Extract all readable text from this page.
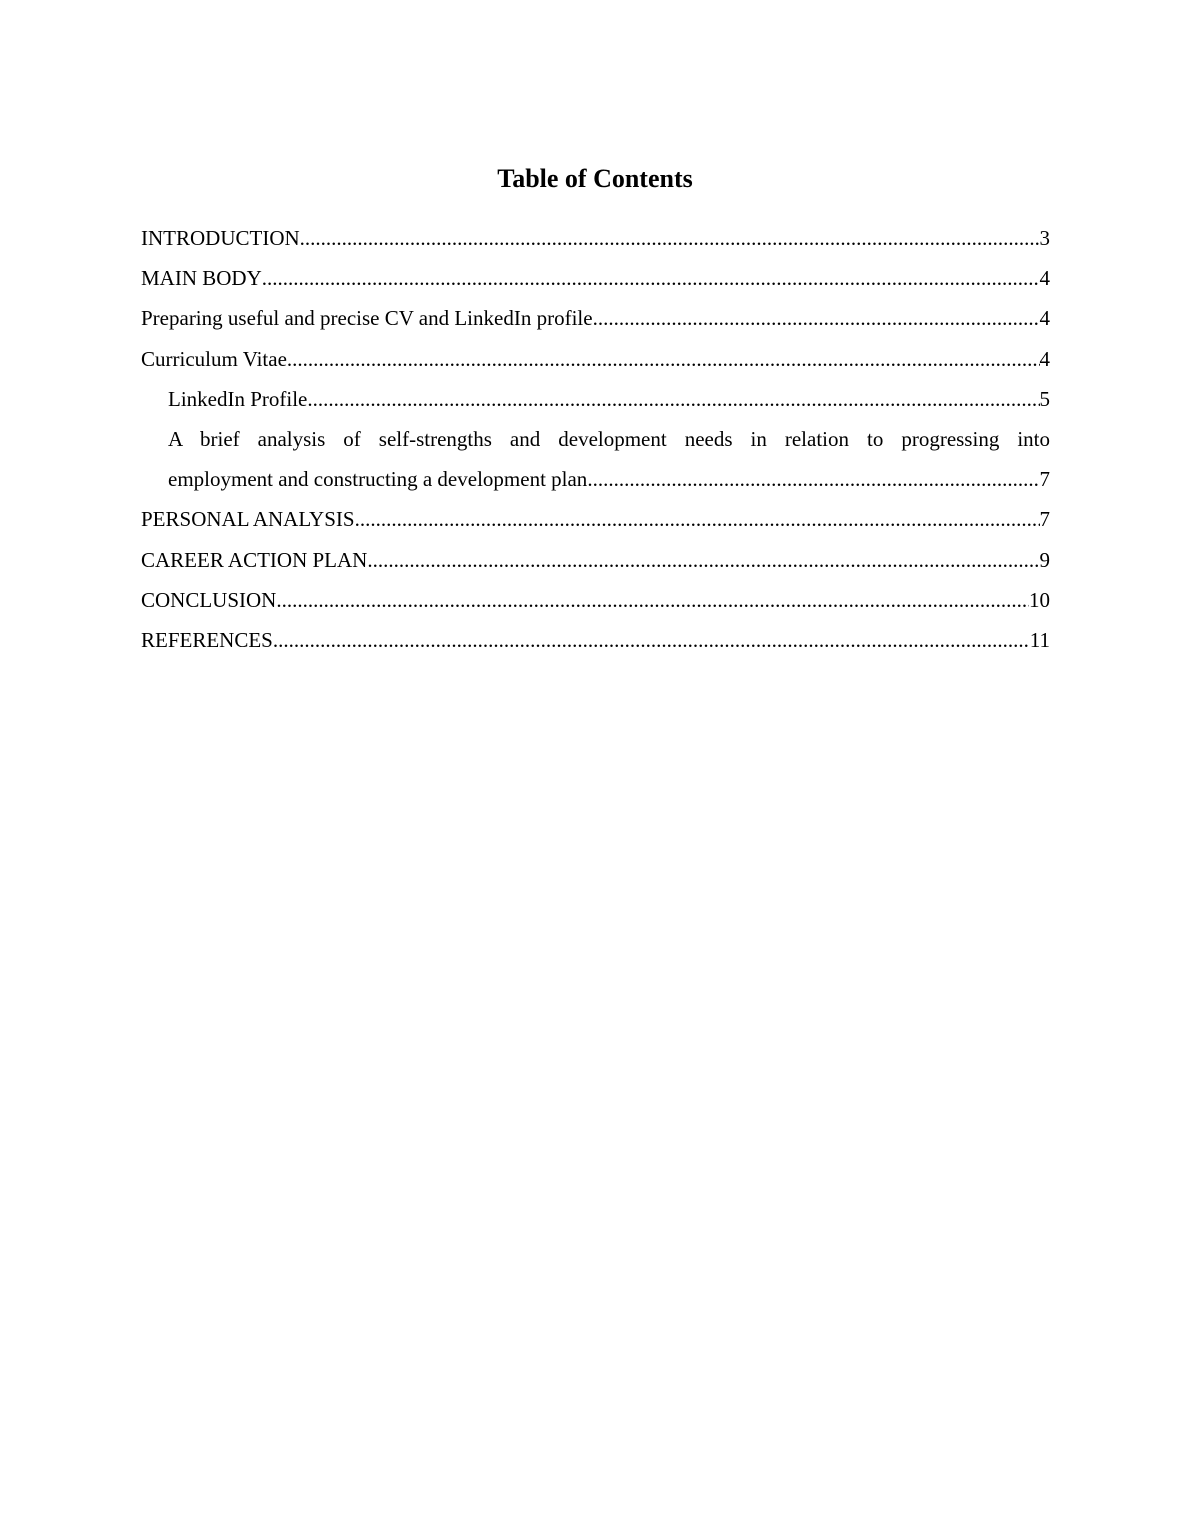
Table of Contents
INTRODUCTION .....	3
MAIN BODY .....	4
Preparing useful and precise CV and LinkedIn profile .....	4
Curriculum Vitae .....	4
LinkedIn Profile .....	5
A brief analysis of self-strengths and development needs in relation to progressing into
employment and constructing a development plan .....	7
PERSONAL ANALYSIS .....	7
CAREER ACTION PLAN .....	9
CONCLUSION .....	10
REFERENCES .....	11
